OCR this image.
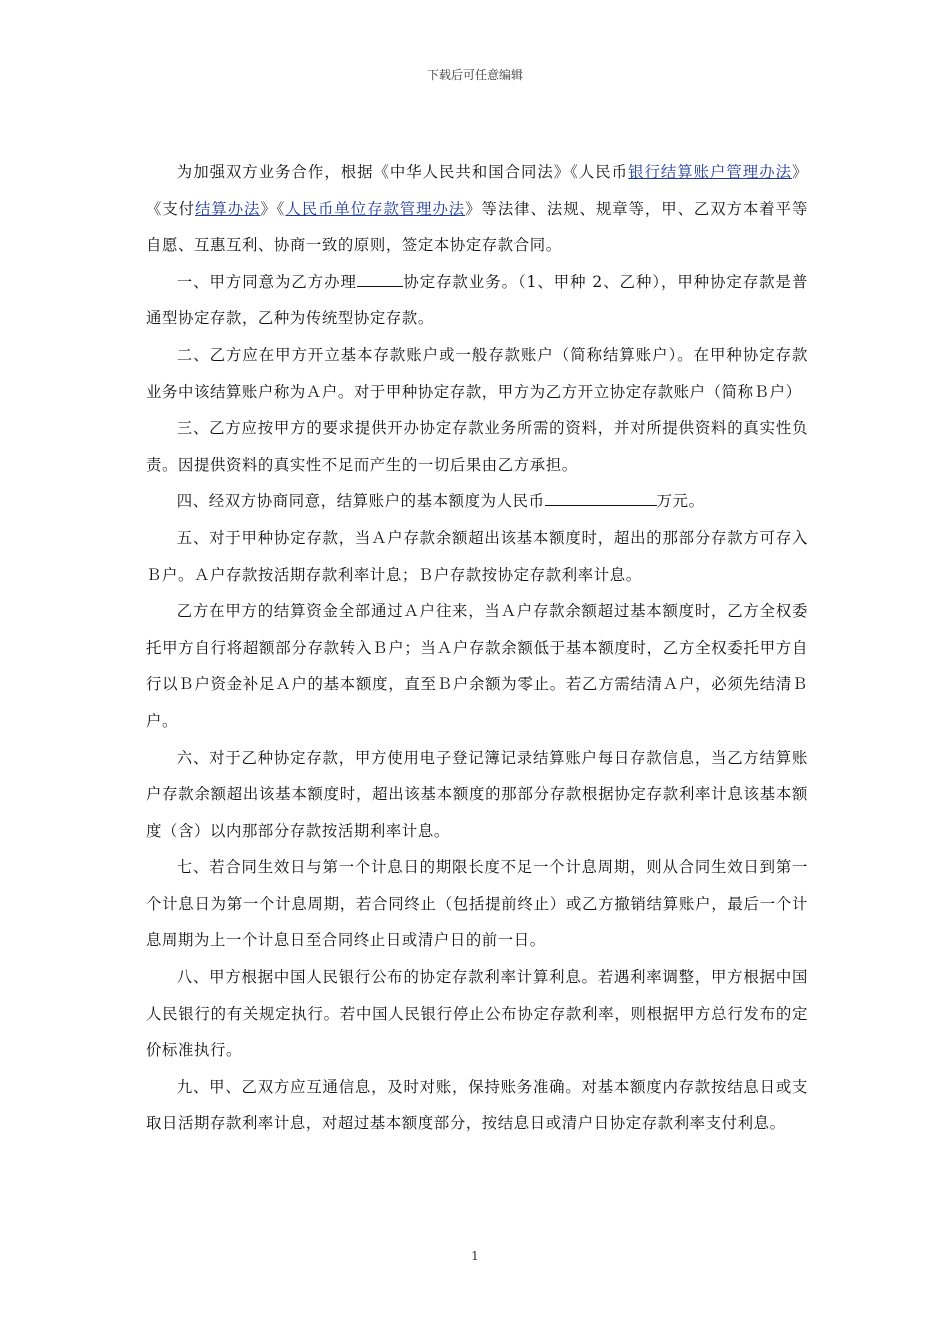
下载后可任意编辑

为加强双方业务合作，根据《中华人民共和国合同法》《人民币银行结算账户管理办法》《支付结算办法》《人民币单位存款管理办法》等法律、法规、规章等，甲、乙双方本着平等自愿、互惠互利、协商一致的原则，签定本协定存款合同。

一、甲方同意为乙方办理	协定存款业务。（1、甲种 2、乙种），甲种协定存款是普通型协定存款，乙种为传统型协定存款。

二、乙方应在甲方开立基本存款账户或一般存款账户（简称结算账户）。在甲种协定存款业务中该结算账户称为Ａ户。对于甲种协定存款，甲方为乙方开立协定存款账户（简称Ｂ户）

三、乙方应按甲方的要求提供开办协定存款业务所需的资料，并对所提供资料的真实性负责。因提供资料的真实性不足而产生的一切后果由乙方承担。

四、经双方协商同意，结算账户的基本额度为人民币	万元。

五、对于甲种协定存款，当Ａ户存款余额超出该基本额度时，超出的那部分存款方可存入Ｂ户。Ａ户存款按活期存款利率计息；Ｂ户存款按协定存款利率计息。

乙方在甲方的结算资金全部通过Ａ户往来，当Ａ户存款余额超过基本额度时，乙方全权委托甲方自行将超额部分存款转入Ｂ户；当Ａ户存款余额低于基本额度时，乙方全权委托甲方自行以Ｂ户资金补足Ａ户的基本额度，直至Ｂ户余额为零止。若乙方需结清Ａ户，必须先结清Ｂ户。

六、对于乙种协定存款，甲方使用电子登记簿记录结算账户每日存款信息，当乙方结算账户存款余额超出该基本额度时，超出该基本额度的那部分存款根据协定存款利率计息该基本额度（含）以内那部分存款按活期利率计息。

七、若合同生效日与第一个计息日的期限长度不足一个计息周期，则从合同生效日到第一个计息日为第一个计息周期，若合同终止（包括提前终止）或乙方撤销结算账户，最后一个计息周期为上一个计息日至合同终止日或清户日的前一日。

八、甲方根据中国人民银行公布的协定存款利率计算利息。若遇利率调整，甲方根据中国人民银行的有关规定执行。若中国人民银行停止公布协定存款利率，则根据甲方总行发布的定价标准执行。

九、甲、乙双方应互通信息，及时对账，保持账务准确。对基本额度内存款按结息日或支取日活期存款利率计息，对超过基本额度部分，按结息日或清户日协定存款利率支付利息。

1
